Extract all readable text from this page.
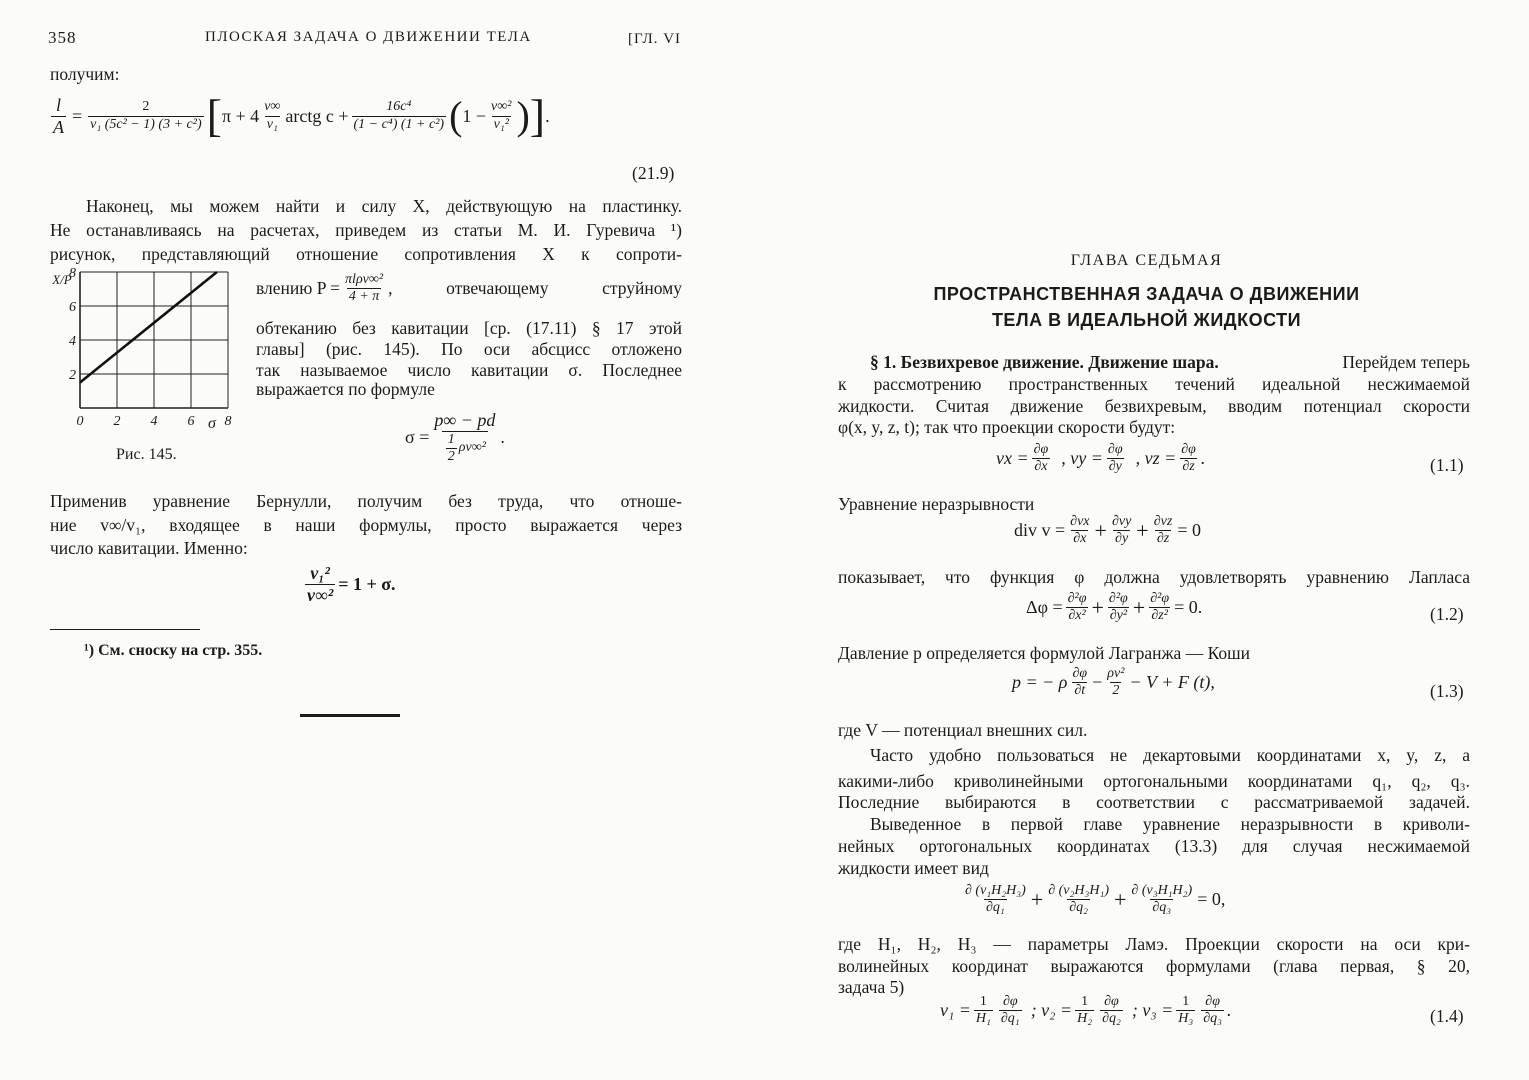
358	ПЛОСКАЯ ЗАДАЧА О ДВИЖЕНИИ ТЕЛА	[ГЛ. VI
получим:
$\frac{l}{A} = \frac{2}{\text{v₁ (5c² − 1) (3 + c²)}}$ [ $\pi + 4 \frac{v\infty}{\text{v₁}}$ arctg $c + \frac{\text{16c⁴}}{\text{(1 − c⁴) (1 + c²)}}$ ( $1 - \frac{\text{v∞²}}{\text{v₁²}}$ ) ] .
(21.9)
Наконец, мы можем найти и силу X, действующую на пластинку.
Не останавливаясь на расчетах, приведем из статьи М. И. Гуревича ¹)
рисунок, представляющий отношение сопротивления X к сопроти-
влению $P = \frac{\text{πlρv∞²}}{4 + \pi}$ , отвечающему струйному
обтеканию без кавитации [ср. (17.11) § 17 этой
главы] (рис. 145). По оси абсцисс отложено
так называемое число кавитации σ. Последнее
выражается по формуле
$\sigma = \frac{p\infty - pd}{\frac{1}{2} \rho v\infty^2}$ .
0 2 4 6 8
2
4
6
8
σ
X/P
Рис. 145.
Применив уравнение Бернулли, получим без труда, что отноше-
ние v∞/v₁, входящее в наши формулы, просто выражается через
число кавитации. Именно:
$\frac{\text{v₁²}}{\text{v∞²}} = 1 + \sigma$.
¹) См. сноску на стр. 355.
ГЛАВА СЕДЬМАЯ
ПРОСТРАНСТВЕННАЯ ЗАДАЧА О ДВИЖЕНИИ
ТЕЛА В ИДЕАЛЬНОЙ ЖИДКОСТИ
§ 1. Безвихревое движение. Движение шара.	Перейдем теперь
к рассмотрению пространственных течений идеальной несжимаемой
жидкости. Считая движение безвихревым, вводим потенциал скорости
φ(x, y, z, t); так что проекции скорости будут:
vx = $\frac{\partial\varphi}{\partial x}$ , vy = $\frac{\partial\varphi}{\partial y}$ , vz = $\frac{\partial\varphi}{\partial z}$ .	(1.1)
Уравнение неразрывности
div $v = \frac{\partial vx}{\partial x} + \frac{\partial vy}{\partial y} + \frac{\partial vz}{\partial z} = 0$
показывает, что функция φ должна удовлетворять уравнению Лапласа
$\Delta\varphi = \frac{\text{∂²φ}}{\text{∂x²}} + \frac{\text{∂²φ}}{\text{∂y²}} + \frac{\text{∂²φ}}{\text{∂z²}} = 0$.	(1.2)
Давление p определяется формулой Лагранжа — Коши
p = − ρ $\frac{\partial\varphi}{\partial t} - \frac{\text{ρv²}}{2} - V + F$ (t),	(1.3)
где V — потенциал внешних сил.
Часто удобно пользоваться не декартовыми координатами x, y, z, а
какими-либо криволинейными ортогональными координатами q₁, q₂, q₃.
Последние выбираются в соответствии с рассматриваемой задачей.
Выведенное в первой главе уравнение неразрывности в криволи-
нейных ортогональных координатах (13.3) для случая несжимаемой
жидкости имеет вид
$\frac{\text{∂ (v₁H₂H₃)}}{\text{∂q₁}} + \frac{\text{∂ (v₂H₃H₁)}}{\text{∂q₂}} + \frac{\text{∂ (v₃H₁H₂)}}{\text{∂q₃}} = 0$,
где H₁, H₂, H₃ — параметры Ламэ. Проекции скорости на оси кри-
волинейных координат выражаются формулами (глава первая, § 20,
задача 5)
$v_1 = \frac{1}{\text{H₁}} \frac{\partial\varphi}{\text{∂q₁}}$ ; $v_2 = \frac{1}{\text{H₂}} \frac{\partial\varphi}{\text{∂q₂}}$ ; $v_3 = \frac{1}{\text{H₃}} \frac{\partial\varphi}{\text{∂q₃}}$ .	(1.4)
